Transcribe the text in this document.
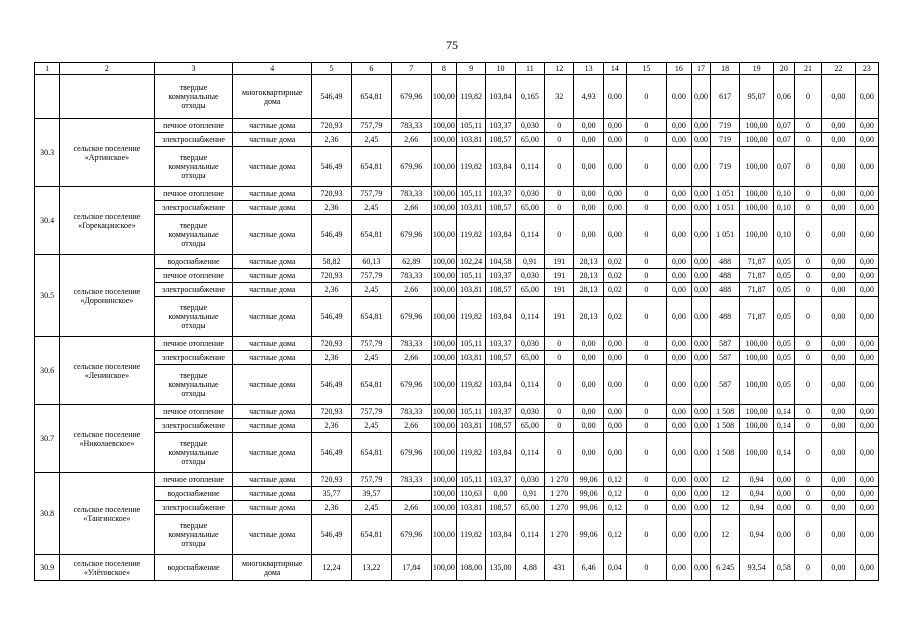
75
1	2	3	4	5	6	7	8	9	10	11	12	13	14	15	16	17	18	19	20	21	22	23
		твердые коммунальные отходы	многоквартирные дома	546,49	654,81	679,96	100,00	119,82	103,84	0,165	32	4,93	0,00	0	0,00	0,00	617	95,07	0,06	0	0,00	0,00
30.3	сельское поселение «Артинское»	печное отопление	частные дома	720,93	757,79	783,33	100,00	105,11	103,37	0,030	0	0,00	0,00	0	0,00	0,00	719	100,00	0,07	0	0,00	0,00
		электроснабжение	частные дома	2,36	2,45	2,66	100,00	103,81	108,57	65,00	0	0,00	0,00	0	0,00	0,00	719	100,00	0,07	0	0,00	0,00
		твердые коммунальные отходы	частные дома	546,49	654,81	679,96	100,00	119,82	103,84	0,114	0	0,00	0,00	0	0,00	0,00	719	100,00	0,07	0	0,00	0,00
30.4	сельское поселение «Горекацанское»	печное отопление	частные дома	720,93	757,79	783,33	100,00	105,11	103,37	0,030	0	0,00	0,00	0	0,00	0,00	1 051	100,00	0,10	0	0,00	0,00
		электроснабжение	частные дома	2,36	2,45	2,66	100,00	103,81	108,57	65,00	0	0,00	0,00	0	0,00	0,00	1 051	100,00	0,10	0	0,00	0,00
		твердые коммунальные отходы	частные дома	546,49	654,81	679,96	100,00	119,82	103,84	0,114	0	0,00	0,00	0	0,00	0,00	1 051	100,00	0,10	0	0,00	0,00
30.5	сельское поселение «Доронинское»	водоснабжение	частные дома	58,82	60,13	62,89	100,00	102,24	104,58	0,91	191	28,13	0,02	0	0,00	0,00	488	71,87	0,05	0	0,00	0,00
		печное отопление	частные дома	720,93	757,79	783,33	100,00	105,11	103,37	0,030	191	28,13	0,02	0	0,00	0,00	488	71,87	0,05	0	0,00	0,00
		электроснабжение	частные дома	2,36	2,45	2,66	100,00	103,81	108,57	65,00	191	28,13	0,02	0	0,00	0,00	488	71,87	0,05	0	0,00	0,00
		твердые коммунальные отходы	частные дома	546,49	654,81	679,96	100,00	119,82	103,84	0,114	191	28,13	0,02	0	0,00	0,00	488	71,87	0,05	0	0,00	0,00
30.6	сельское поселение «Ленинское»	печное отопление	частные дома	720,93	757,79	783,33	100,00	105,11	103,37	0,030	0	0,00	0,00	0	0,00	0,00	587	100,00	0,05	0	0,00	0,00
		электроснабжение	частные дома	2,36	2,45	2,66	100,00	103,81	108,57	65,00	0	0,00	0,00	0	0,00	0,00	587	100,00	0,05	0	0,00	0,00
		твердые коммунальные отходы	частные дома	546,49	654,81	679,96	100,00	119,82	103,84	0,114	0	0,00	0,00	0	0,00	0,00	587	100,00	0,05	0	0,00	0,00
30.7	сельское поселение «Николаевское»	печное отопление	частные дома	720,93	757,79	783,33	100,00	105,11	103,37	0,030	0	0,00	0,00	0	0,00	0,00	1 508	100,00	0,14	0	0,00	0,00
		электроснабжение	частные дома	2,36	2,45	2,66	100,00	103,81	108,57	65,00	0	0,00	0,00	0	0,00	0,00	1 508	100,00	0,14	0	0,00	0,00
		твердые коммунальные отходы	частные дома	546,49	654,81	679,96	100,00	119,82	103,84	0,114	0	0,00	0,00	0	0,00	0,00	1 508	100,00	0,14	0	0,00	0,00
30.8	сельское поселение «Тангинское»	печное отопление	частные дома	720,93	757,79	783,33	100,00	105,11	103,37	0,030	1 270	99,06	0,12	0	0,00	0,00	12	0,94	0,00	0	0,00	0,00
		водоснабжение	частные дома	35,77	39,57		100,00	110,63	0,00	0,91	1 270	99,06	0,12	0	0,00	0,00	12	0,94	0,00	0	0,00	0,00
		электроснабжение	частные дома	2,36	2,45	2,66	100,00	103,81	108,57	65,00	1 270	99,06	0,12	0	0,00	0,00	12	0,94	0,00	0	0,00	0,00
		твердые коммунальные отходы	частные дома	546,49	654,81	679,96	100,00	119,82	103,84	0,114	1 270	99,06	0,12	0	0,00	0,00	12	0,94	0,00	0	0,00	0,00
30.9	сельское поселение «Улётовское»	водоснабжение	многоквартирные дома	12,24	13,22	17,84	100,00	108,00	135,00	4,88	431	6,46	0,04	0	0,00	0,00	6 245	93,54	0,58	0	0,00	0,00
